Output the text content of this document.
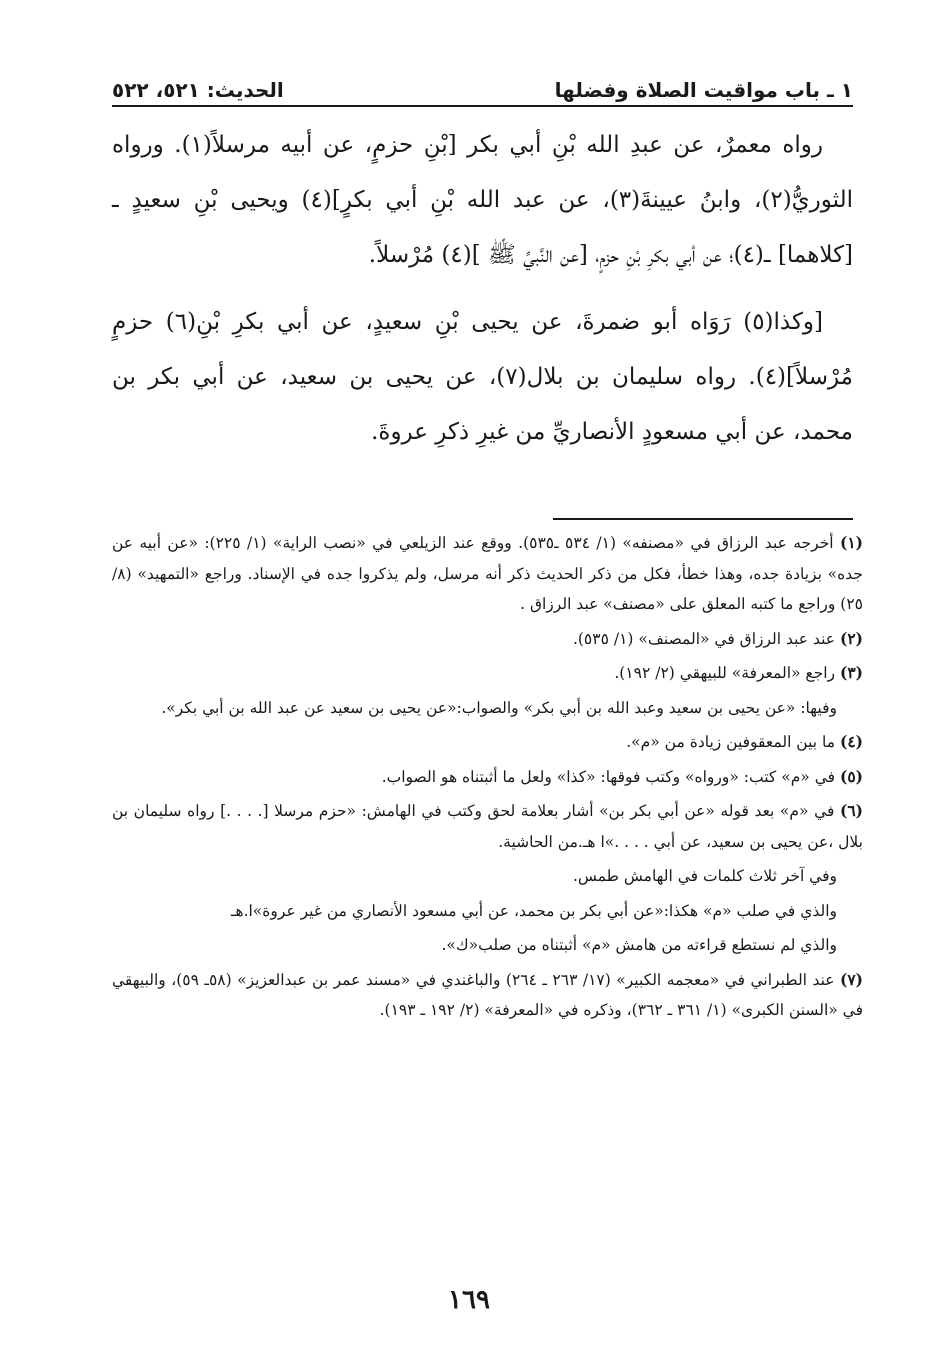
١ ـ باب مواقيت الصلاة وفضلها
الحديث: ٥٢١، ٥٢٢

رواه معمرٌ، عن عبدِ الله بْنِ أبي بكر [بْنِ حزمٍ، عن أبيه مرسلاً(١). ورواه الثوريُّ(٢)، وابنُ عيينةَ(٣)، عن عبد الله بْنِ أبي بكرٍ](٤) ويحيى بْنِ سعيدٍ ـ [كلاهما] ـ(٤)؛ عن أبي بكرِ بْنِ حزمٍ، [عن النَّبيِّ ﷺ ](٤) مُرْسلاً.

[وكذا(٥) رَوَاه أبو ضمرةَ، عن يحيى بْنِ سعيدٍ، عن أبي بكرِ بْنِ(٦) حزمٍ مُرْسلاً](٤). رواه سليمان بن بلال(٧)، عن يحيى بن سعيد، عن أبي بكر بن محمد، عن أبي مسعودٍ الأنصاريِّ من غيرِ ذكرِ عروةَ.

(١) أخرجه عبد الرزاق في «مصنفه» (١/ ٥٣٤ ـ٥٣٥). ووقع عند الزيلعي في «نصب الراية» (١/ ٢٢٥): «عن أبيه عن جده» بزيادة جده، وهذا خطأ، فكل من ذكر الحديث ذكر أنه مرسل، ولم يذكروا جده في الإسناد. وراجع «التمهيد» (٨/ ٢٥) وراجع ما كتبه المعلق على «مصنف» عبد الرزاق .
(٢) عند عبد الرزاق في «المصنف» (١/ ٥٣٥).
(٣) راجع «المعرفة» للبيهقي (٢/ ١٩٢).
وفيها: «عن يحيى بن سعيد وعبد الله بن أبي بكر» والصواب:«عن يحيى بن سعيد عن عبد الله بن أبي بكر».
(٤) ما بين المعقوفين زيادة من «م».
(٥) في «م» كتب: «ورواه» وكتب فوقها: «كذا» ولعل ما أثبتناه هو الصواب.
(٦) في «م» بعد قوله «عن أبي بكر بن» أشار بعلامة لحق وكتب في الهامش: «حزم مرسلا [. . . .] رواه سليمان بن بلال ،عن يحيى بن سعيد، عن أبي . . . .»ا هـ.من الحاشية.
وفي آخر ثلاث كلمات في الهامش طمس.
والذي في صلب «م» هكذا:«عن أبي بكر بن محمد، عن أبي مسعود الأنصاري من غير عروة»ا.هـ
والذي لم نستطع قراءته من هامش «م» أثبتناه من صلب«ك».
(٧) عند الطبراني في «معجمه الكبير» (١٧/ ٢٦٣ ـ ٢٦٤) والباغندي في «مسند عمر بن عبدالعزيز» (٥٨ـ ٥٩)، والبيهقي في «السنن الكبرى» (١/ ٣٦١ ـ ٣٦٢)، وذكره في «المعرفة» (٢/ ١٩٢ ـ ١٩٣).
١٦٩
